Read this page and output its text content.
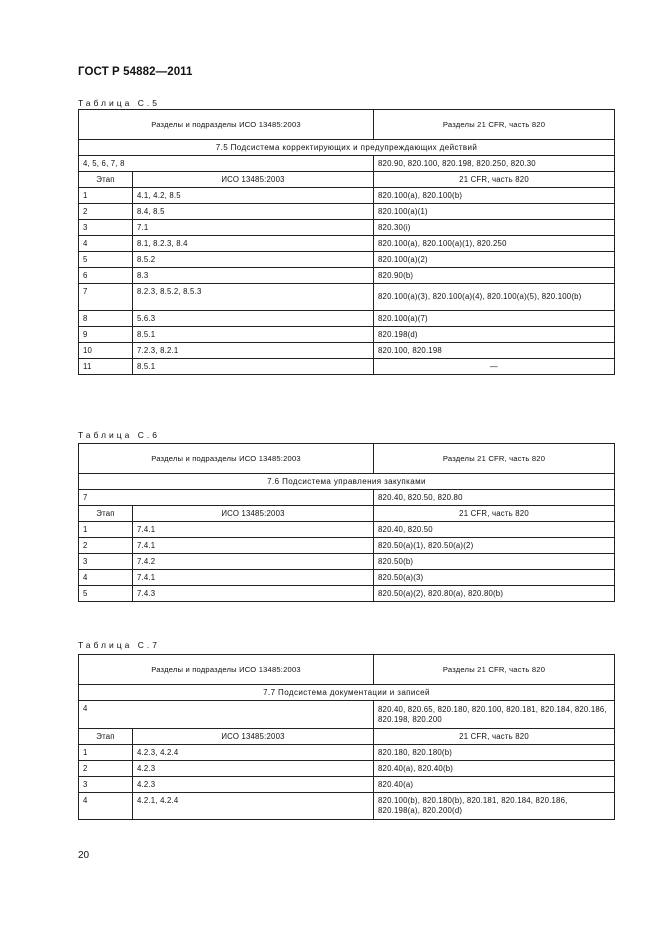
ГОСТ Р 54882—2011
Таблица С.5
Разделы и подразделы ИСО 13485:2003		Разделы 21 CFR, часть 820
7.5 Подсистема корректирующих и предупреждающих действий		
4, 5, 6, 7, 8		820.90, 820.100, 820.198, 820.250, 820.30
Этап	ИСО 13485:2003	21 CFR, часть 820
1	4.1, 4.2, 8.5	820.100(a), 820.100(b)
2	8.4, 8.5	820.100(a)(1)
3	7.1	820.30(i)
4	8.1, 8.2.3, 8.4	820.100(a), 820.100(a)(1), 820.250
5	8.5.2	820.100(a)(2)
6	8.3	820.90(b)
7	8.2.3, 8.5.2, 8.5.3	820.100(a)(3), 820.100(a)(4), 820.100(a)(5), 820.100(b)
8	5.6.3	820.100(a)(7)
9	8.5.1	820.198(d)
10	7.2.3, 8.2.1	820.100, 820.198
11	8.5.1	—
Таблица С.6
Разделы и подразделы ИСО 13485:2003		Разделы 21 CFR, часть 820
7.6 Подсистема управления закупками		
7		820.40, 820.50, 820.80
Этап	ИСО 13485:2003	21 CFR, часть 820
1	7.4.1	820.40, 820.50
2	7.4.1	820.50(a)(1), 820.50(a)(2)
3	7.4.2	820.50(b)
4	7.4.1	820.50(a)(3)
5	7.4.3	820.50(a)(2), 820.80(a), 820.80(b)
Таблица С.7
Разделы и подразделы ИСО 13485:2003		Разделы 21 CFR, часть 820
7.7 Подсистема документации и записей		
4		820.40, 820.65, 820.180, 820.100, 820.181, 820.184, 820.186, 820.198, 820.200
Этап	ИСО 13485:2003	21 CFR, часть 820
1	4.2.3, 4.2.4	820.180, 820.180(b)
2	4.2.3	820.40(a), 820.40(b)
3	4.2.3	820.40(a)
4	4.2.1, 4.2.4	820.100(b), 820.180(b), 820.181, 820.184, 820.186, 820.198(a), 820.200(d)
20
